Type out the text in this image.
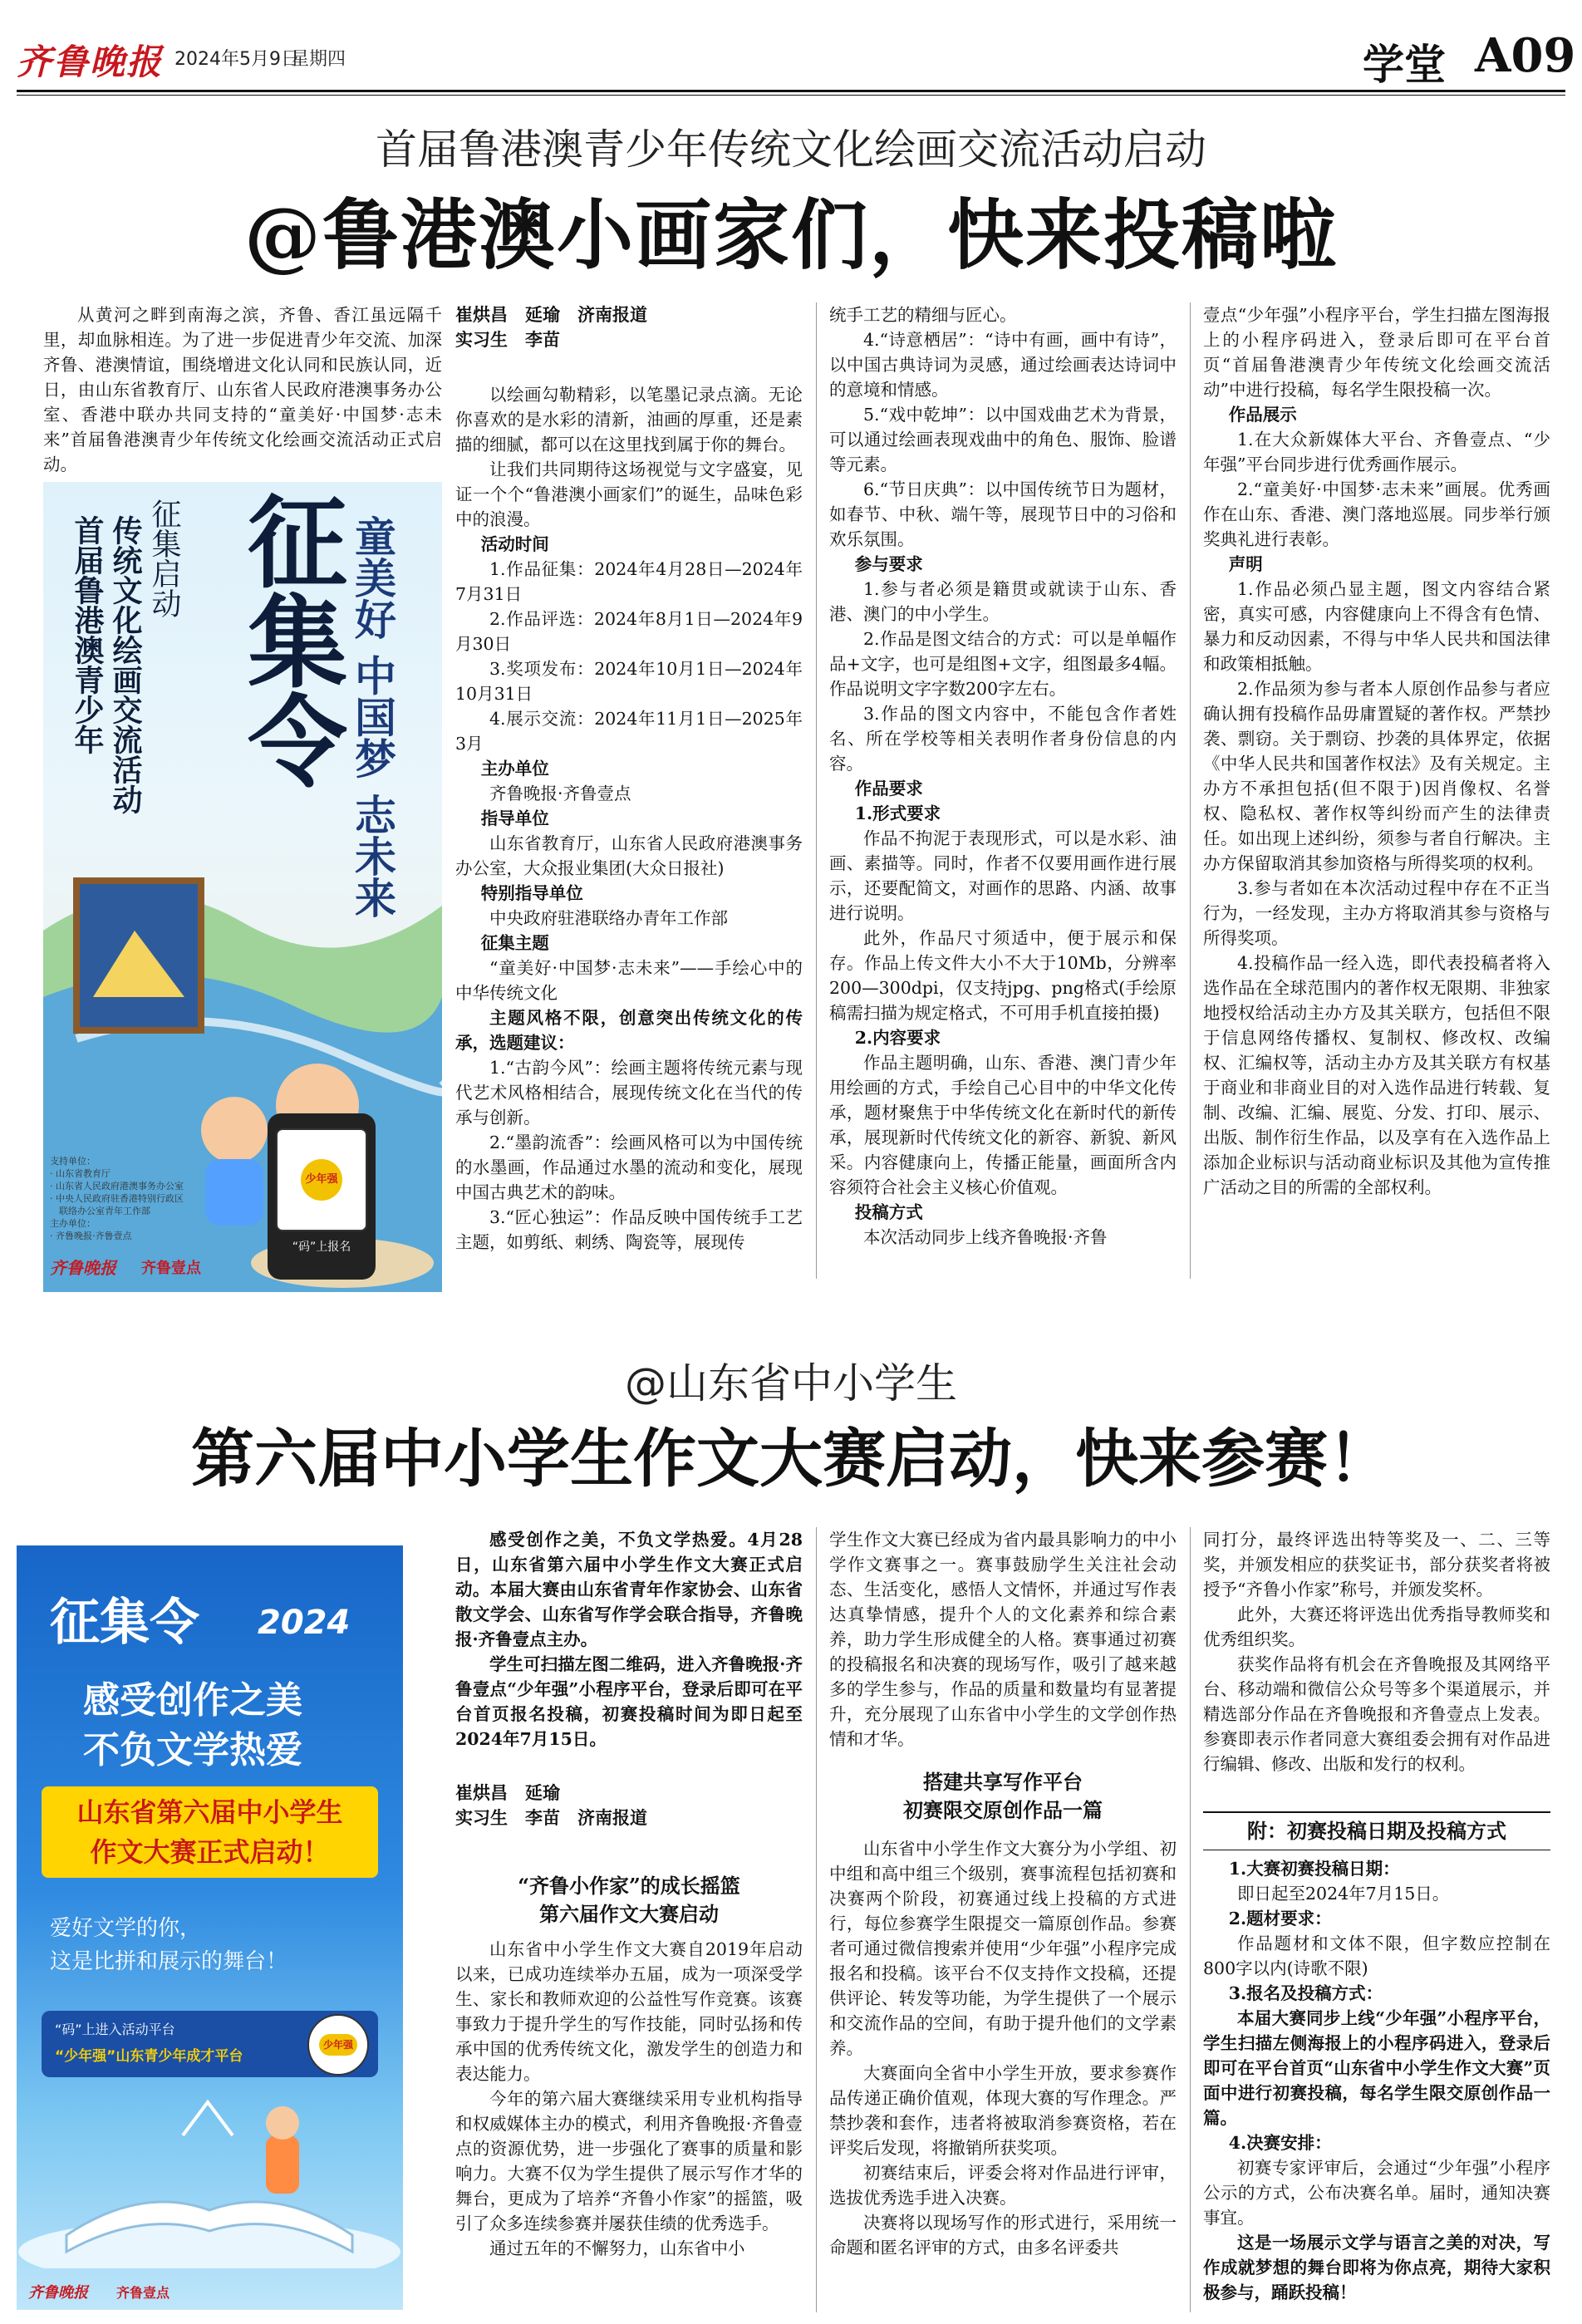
齐鲁晚报 2024年5月9日
星期四	学堂 A09
首届鲁港澳青少年传统文化绘画交流活动启动
@鲁港澳小画家们，快来投稿啦

从黄河之畔到南海之滨，齐鲁、香江虽远隔千里，却血脉相连。为了进一步促进青少年交流、加深齐鲁、港澳情谊，围绕增进文化认同和民族认同，近日，由山东省教育厅、山东省人民政府港澳事务办公室、香港中联办共同支持的“童美好·中国梦·志未来”首届鲁港澳青少年传统文化绘画交流活动正式启动。

首届鲁港澳青少年 传统文化绘画交流活动 征集启动 征集令 童美好 中国梦 志未来
支持单位：
· 山东省教育厅
· 山东省人民政府港澳事务办公室
· 中央人民政府驻香港特别行政区
　联络办公室青年工作部
主办单位：
· 齐鲁晚报·齐鲁壹点
齐鲁晚报 齐鲁壹点
少年强
“码”上报名
崔烘昌　延瑜　济南报道
实习生　李苗

以绘画勾勒精彩，以笔墨记录点滴。无论你喜欢的是水彩的清新，油画的厚重，还是素描的细腻，都可以在这里找到属于你的舞台。

让我们共同期待这场视觉与文字盛宴，见证一个个“鲁港澳小画家们”的诞生，品味色彩中的浪漫。

活动时间

1.作品征集：2024年4月28日—2024年7月31日

2.作品评选：2024年8月1日—2024年9月30日

3.奖项发布：2024年10月1日—2024年10月31日

4.展示交流：2024年11月1日—2025年3月

主办单位

齐鲁晚报·齐鲁壹点

指导单位

山东省教育厅，山东省人民政府港澳事务办公室，大众报业集团(大众日报社)

特别指导单位

中央政府驻港联络办青年工作部

征集主题

“童美好·中国梦·志未来”——手绘心中的中华传统文化

主题风格不限，创意突出传统文化的传承，选题建议：

1.“古韵今风”：绘画主题将传统元素与现代艺术风格相结合，展现传统文化在当代的传承与创新。

2.“墨韵流香”：绘画风格可以为中国传统的水墨画，作品通过水墨的流动和变化，展现中国古典艺术的韵味。

3.“匠心独运”：作品反映中国传统手工艺主题，如剪纸、刺绣、陶瓷等，展现传

统手工艺的精细与匠心。

4.“诗意栖居”：“诗中有画，画中有诗”，以中国古典诗词为灵感，通过绘画表达诗词中的意境和情感。

5.“戏中乾坤”：以中国戏曲艺术为背景，可以通过绘画表现戏曲中的角色、服饰、脸谱等元素。

6.“节日庆典”：以中国传统节日为题材，如春节、中秋、端午等，展现节日中的习俗和欢乐氛围。

参与要求

1.参与者必须是籍贯或就读于山东、香港、澳门的中小学生。

2.作品是图文结合的方式：可以是单幅作品+文字，也可是组图+文字，组图最多4幅。作品说明文字字数200字左右。

3.作品的图文内容中，不能包含作者姓名、所在学校等相关表明作者身份信息的内容。

作品要求

1.形式要求

作品不拘泥于表现形式，可以是水彩、油画、素描等。同时，作者不仅要用画作进行展示，还要配简文，对画作的思路、内涵、故事进行说明。

此外，作品尺寸须适中，便于展示和保存。作品上传文件大小不大于10Mb，分辨率200—300dpi，仅支持jpg、png格式(手绘原稿需扫描为规定格式，不可用手机直接拍摄)

2.内容要求

作品主题明确，山东、香港、澳门青少年用绘画的方式，手绘自己心目中的中华文化传承，题材聚焦于中华传统文化在新时代的新传承，展现新时代传统文化的新容、新貌、新风采。内容健康向上，传播正能量，画面所含内容须符合社会主义核心价值观。

投稿方式

本次活动同步上线齐鲁晚报·齐鲁

壹点“少年强”小程序平台，学生扫描左图海报上的小程序码进入，登录后即可在平台首页“首届鲁港澳青少年传统文化绘画交流活动”中进行投稿，每名学生限投稿一次。

作品展示

1.在大众新媒体大平台、齐鲁壹点、“少年强”平台同步进行优秀画作展示。

2.“童美好·中国梦·志未来”画展。优秀画作在山东、香港、澳门落地巡展。同步举行颁奖典礼进行表彰。

声明

1.作品必须凸显主题，图文内容结合紧密，真实可感，内容健康向上不得含有色情、暴力和反动因素，不得与中华人民共和国法律和政策相抵触。

2.作品须为参与者本人原创作品参与者应确认拥有投稿作品毋庸置疑的著作权。严禁抄袭、剽窃。关于剽窃、抄袭的具体界定，依据《中华人民共和国著作权法》及有关规定。主办方不承担包括(但不限于)因肖像权、名誉权、隐私权、著作权等纠纷而产生的法律责任。如出现上述纠纷，须参与者自行解决。主办方保留取消其参加资格与所得奖项的权利。

3.参与者如在本次活动过程中存在不正当行为，一经发现，主办方将取消其参与资格与所得奖项。

4.投稿作品一经入选，即代表投稿者将入选作品在全球范围内的著作权无限期、非独家地授权给活动主办方及其关联方，包括但不限于信息网络传播权、复制权、修改权、改编权、汇编权等，活动主办方及其关联方有权基于商业和非商业目的对入选作品进行转载、复制、改编、汇编、展览、分发、打印、展示、出版、制作衍生作品，以及享有在入选作品上添加企业标识与活动商业标识及其他为宣传推广活动之目的所需的全部权利。

@山东省中小学生
第六届中小学生作文大赛启动，快来参赛！
征集令 2024
感受创作之美
不负文学热爱
山东省第六届中小学生
作文大赛正式启动！
爱好文学的你，
这是比拼和展示的舞台！
“码”上进入活动平台
“少年强”山东青少年成才平台
少年强
齐鲁晚报 齐鲁壹点

感受创作之美，不负文学热爱。4月28日，山东省第六届中小学生作文大赛正式启动。本届大赛由山东省青年作家协会、山东省散文学会、山东省写作学会联合指导，齐鲁晚报·齐鲁壹点主办。

学生可扫描左图二维码，进入齐鲁晚报·齐鲁壹点“少年强”小程序平台，登录后即可在平台首页报名投稿，初赛投稿时间为即日起至2024年7月15日。

崔烘昌　延瑜
实习生　李苗　济南报道
“齐鲁小作家”的成长摇篮
第六届作文大赛启动

山东省中小学生作文大赛自2019年启动以来，已成功连续举办五届，成为一项深受学生、家长和教师欢迎的公益性写作竞赛。该赛事致力于提升学生的写作技能，同时弘扬和传承中国的优秀传统文化，激发学生的创造力和表达能力。

今年的第六届大赛继续采用专业机构指导和权威媒体主办的模式，利用齐鲁晚报·齐鲁壹点的资源优势，进一步强化了赛事的质量和影响力。大赛不仅为学生提供了展示写作才华的舞台，更成为了培养“齐鲁小作家”的摇篮，吸引了众多连续参赛并屡获佳绩的优秀选手。

通过五年的不懈努力，山东省中小

学生作文大赛已经成为省内最具影响力的中小学作文赛事之一。赛事鼓励学生关注社会动态、生活变化，感悟人文情怀，并通过写作表达真挚情感，提升个人的文化素养和综合素养，助力学生形成健全的人格。赛事通过初赛的投稿报名和决赛的现场写作，吸引了越来越多的学生参与，作品的质量和数量均有显著提升，充分展现了山东省中小学生的文学创作热情和才华。

搭建共享写作平台
初赛限交原创作品一篇

山东省中小学生作文大赛分为小学组、初中组和高中组三个级别，赛事流程包括初赛和决赛两个阶段，初赛通过线上投稿的方式进行，每位参赛学生限提交一篇原创作品。参赛者可通过微信搜索并使用“少年强”小程序完成报名和投稿。该平台不仅支持作文投稿，还提供评论、转发等功能，为学生提供了一个展示和交流作品的空间，有助于提升他们的文学素养。

大赛面向全省中小学生开放，要求参赛作品传递正确价值观，体现大赛的写作理念。严禁抄袭和套作，违者将被取消参赛资格，若在评奖后发现，将撤销所获奖项。

初赛结束后，评委会将对作品进行评审，选拔优秀选手进入决赛。

决赛将以现场写作的形式进行，采用统一命题和匿名评审的方式，由多名评委共

同打分，最终评选出特等奖及一、二、三等奖，并颁发相应的获奖证书，部分获奖者将被授予“齐鲁小作家”称号，并颁发奖杯。

此外，大赛还将评选出优秀指导教师奖和优秀组织奖。

获奖作品将有机会在齐鲁晚报及其网络平台、移动端和微信公众号等多个渠道展示，并精选部分作品在齐鲁晚报和齐鲁壹点上发表。参赛即表示作者同意大赛组委会拥有对作品进行编辑、修改、出版和发行的权利。

附：初赛投稿日期及投稿方式

1.大赛初赛投稿日期：

即日起至2024年7月15日。

2.题材要求：

作品题材和文体不限，但字数应控制在800字以内(诗歌不限)

3.报名及投稿方式：

本届大赛同步上线“少年强”小程序平台，学生扫描左侧海报上的小程序码进入，登录后即可在平台首页“山东省中小学生作文大赛”页面中进行初赛投稿，每名学生限交原创作品一篇。

4.决赛安排：

初赛专家评审后，会通过“少年强”小程序公示的方式，公布决赛名单。届时，通知决赛事宜。

这是一场展示文学与语言之美的对决，写作成就梦想的舞台即将为你点亮，期待大家积极参与，踊跃投稿！
